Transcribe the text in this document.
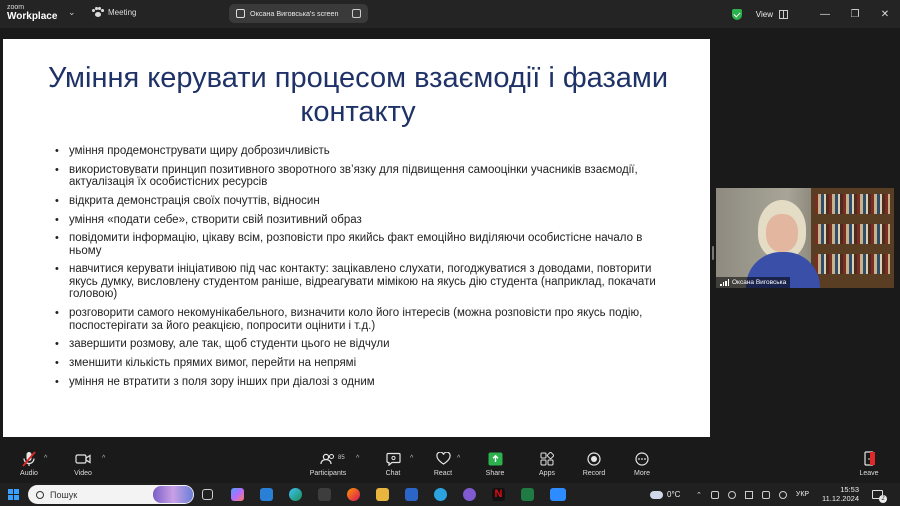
zoom
Workplace ⌄	Meeting	Оксана Виговська's screen	View	—	❐	✕
Уміння керувати процесом взаємодії і фазами контакту
• уміння продемонструвати щиру доброзичливість
• використовувати принцип позитивного зворотного зв’язку для підвищення самооцінки учасників взаємодії, актуалізація їх особистісних ресурсів
• відкрита демонстрація своїх почуттів, відносин
• уміння «подати себе», створити свій позитивний образ
• повідомити інформацію, цікаву всім, розповісти про якийсь факт емоційно виділяючи особистісне начало в ньому
• навчитися керувати ініціативою під час контакту: зацікавлено слухати, погоджуватися з доводами, повторити якусь думку, висловлену студентом раніше, відреагувати мімікою на якусь дію студента (наприклад, покачати головою)
• розговорити самого некомунікабельного, визначити коло його інтересів (можна розповісти про якусь подію, поспостерігати за його реакцією, попросити оцінити і т.д.)
• завершити розмову, але так, щоб студенти цього не відчули
• зменшити кількість прямих вимог, перейти на непрямі
• уміння не втратити з поля зору інших при діалозі з одним
Оксана Виговська
Audio
^
Video
^
Participants
85 ^
Chat
^
React
^
Share	Apps	Record	More	Leave
Пошук	N	0°C ⌃	УКР
15:53
11.12.2024	2
